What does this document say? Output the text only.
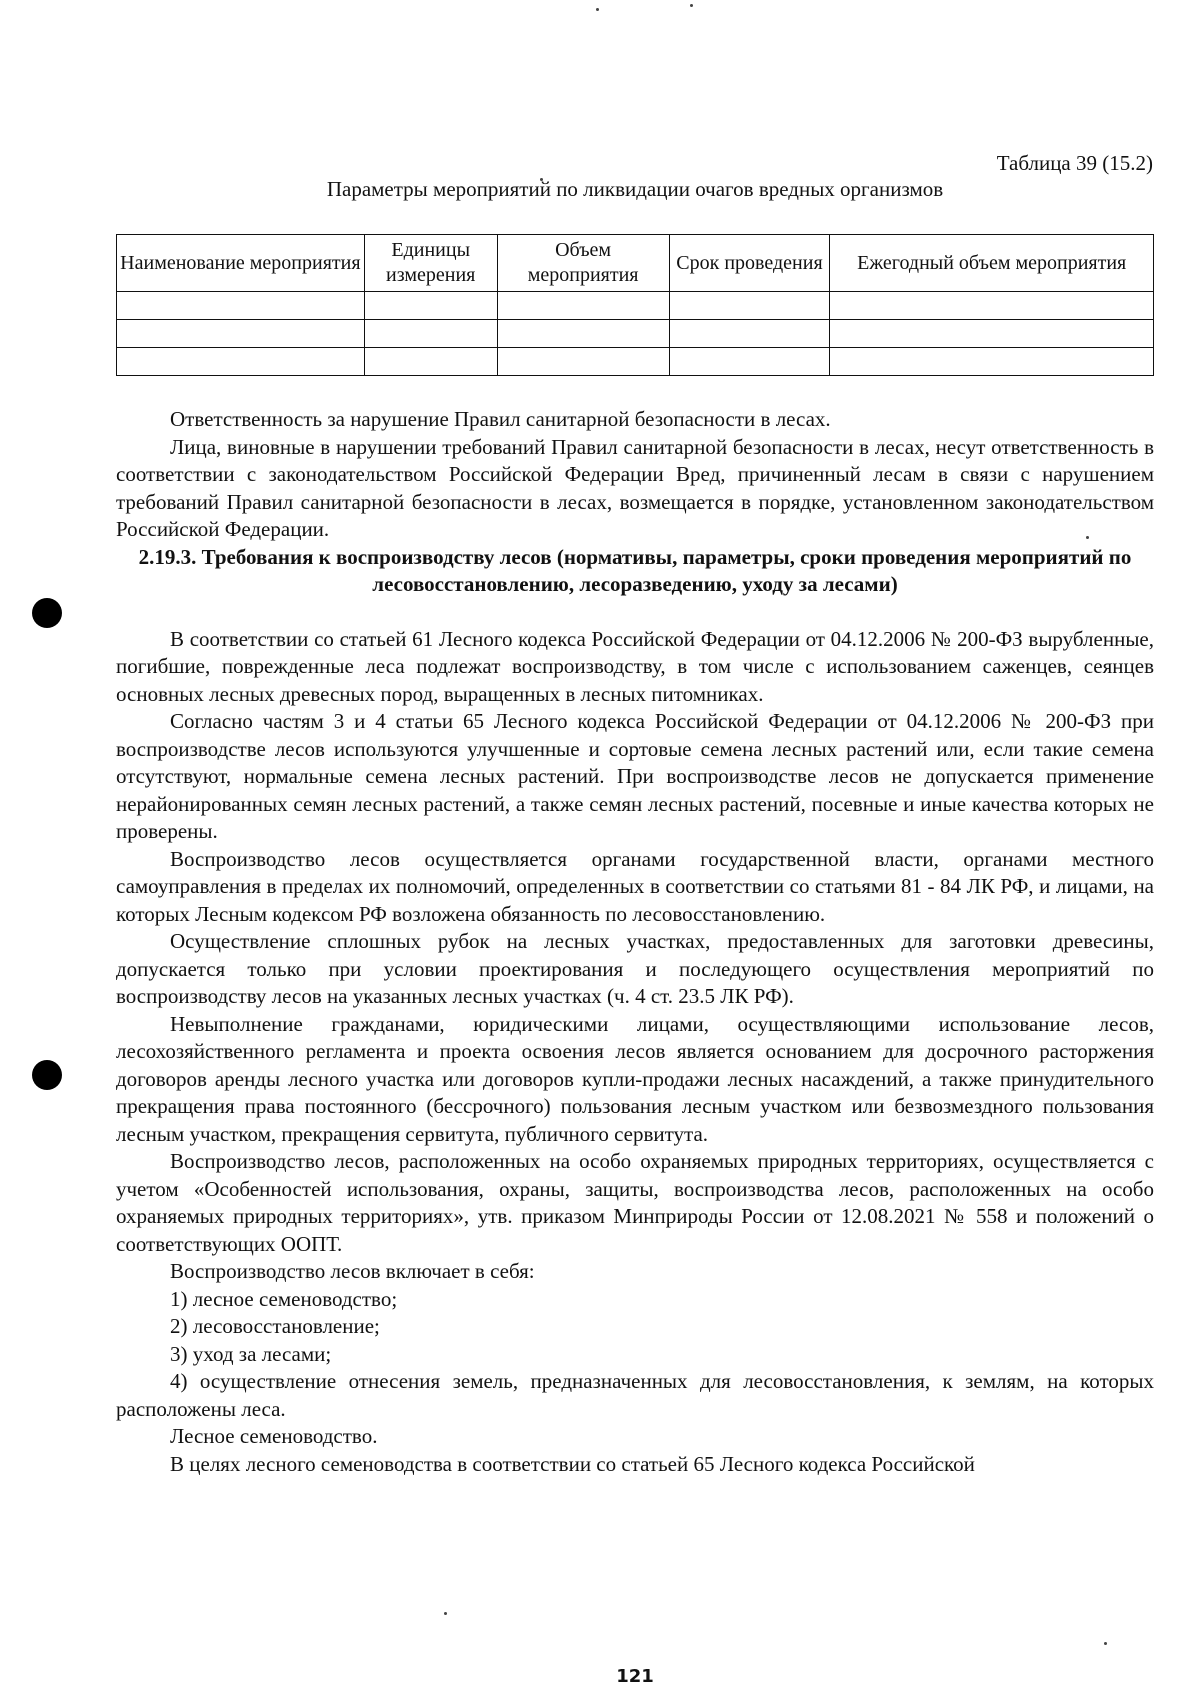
Таблица 39 (15.2)
Параметры мероприятий по ликвидации очагов вредных организмов
Наименование мероприятия	Единицы измерения	Объем мероприятия	Срок проведения	Ежегодный объем мероприятия

Ответственность за нарушение Правил санитарной безопасности в лесах.

Лица, виновные в нарушении требований Правил санитарной безопасности в лесах, несут ответственность в соответствии с законодательством Российской Федерации Вред, причиненный лесам в связи с нарушением требований Правил санитарной безопасности в лесах, возмещается в порядке, установленном законодательством Российской Федерации.

2.19.3. Требования к воспроизводству лесов (нормативы, параметры, сроки проведения мероприятий по лесовосстановлению, лесоразведению, уходу за лесами)

В соответствии со статьей 61 Лесного кодекса Российской Федерации от 04.12.2006 № 200-ФЗ вырубленные, погибшие, поврежденные леса подлежат воспроизводству, в том числе с использованием саженцев, сеянцев основных лесных древесных пород, выращенных в лесных питомниках.

Согласно частям 3 и 4 статьи 65 Лесного кодекса Российской Федерации от 04.12.2006 № 200-ФЗ при воспроизводстве лесов используются улучшенные и сортовые семена лесных растений или, если такие семена отсутствуют, нормальные семена лесных растений. При воспроизводстве лесов не допускается применение нерайонированных семян лесных растений, а также семян лесных растений, посевные и иные качества которых не проверены.

Воспроизводство лесов осуществляется органами государственной власти, органами местного самоуправления в пределах их полномочий, определенных в соответствии со статьями 81 - 84 ЛК РФ, и лицами, на которых Лесным кодексом РФ возложена обязанность по лесовосстановлению.

Осуществление сплошных рубок на лесных участках, предоставленных для заготовки древесины, допускается только при условии проектирования и последующего осуществления мероприятий по воспроизводству лесов на указанных лесных участках (ч. 4 ст. 23.5 ЛК РФ).

Невыполнение гражданами, юридическими лицами, осуществляющими использование лесов, лесохозяйственного регламента и проекта освоения лесов является основанием для досрочного расторжения договоров аренды лесного участка или договоров купли-продажи лесных насаждений, а также принудительного прекращения права постоянного (бессрочного) пользования лесным участком или безвозмездного пользования лесным участком, прекращения сервитута, публичного сервитута.

Воспроизводство лесов, расположенных на особо охраняемых природных территориях, осуществляется с учетом «Особенностей использования, охраны, защиты, воспроизводства лесов, расположенных на особо охраняемых природных территориях», утв. приказом Минприроды России от 12.08.2021 № 558 и положений о соответствующих ООПТ.

Воспроизводство лесов включает в себя:

1) лесное семеноводство;

2) лесовосстановление;

3) уход за лесами;

4) осуществление отнесения земель, предназначенных для лесовосстановления, к землям, на которых расположены леса.

Лесное семеноводство.

В целях лесного семеноводства в соответствии со статьей 65 Лесного кодекса Российской

121
